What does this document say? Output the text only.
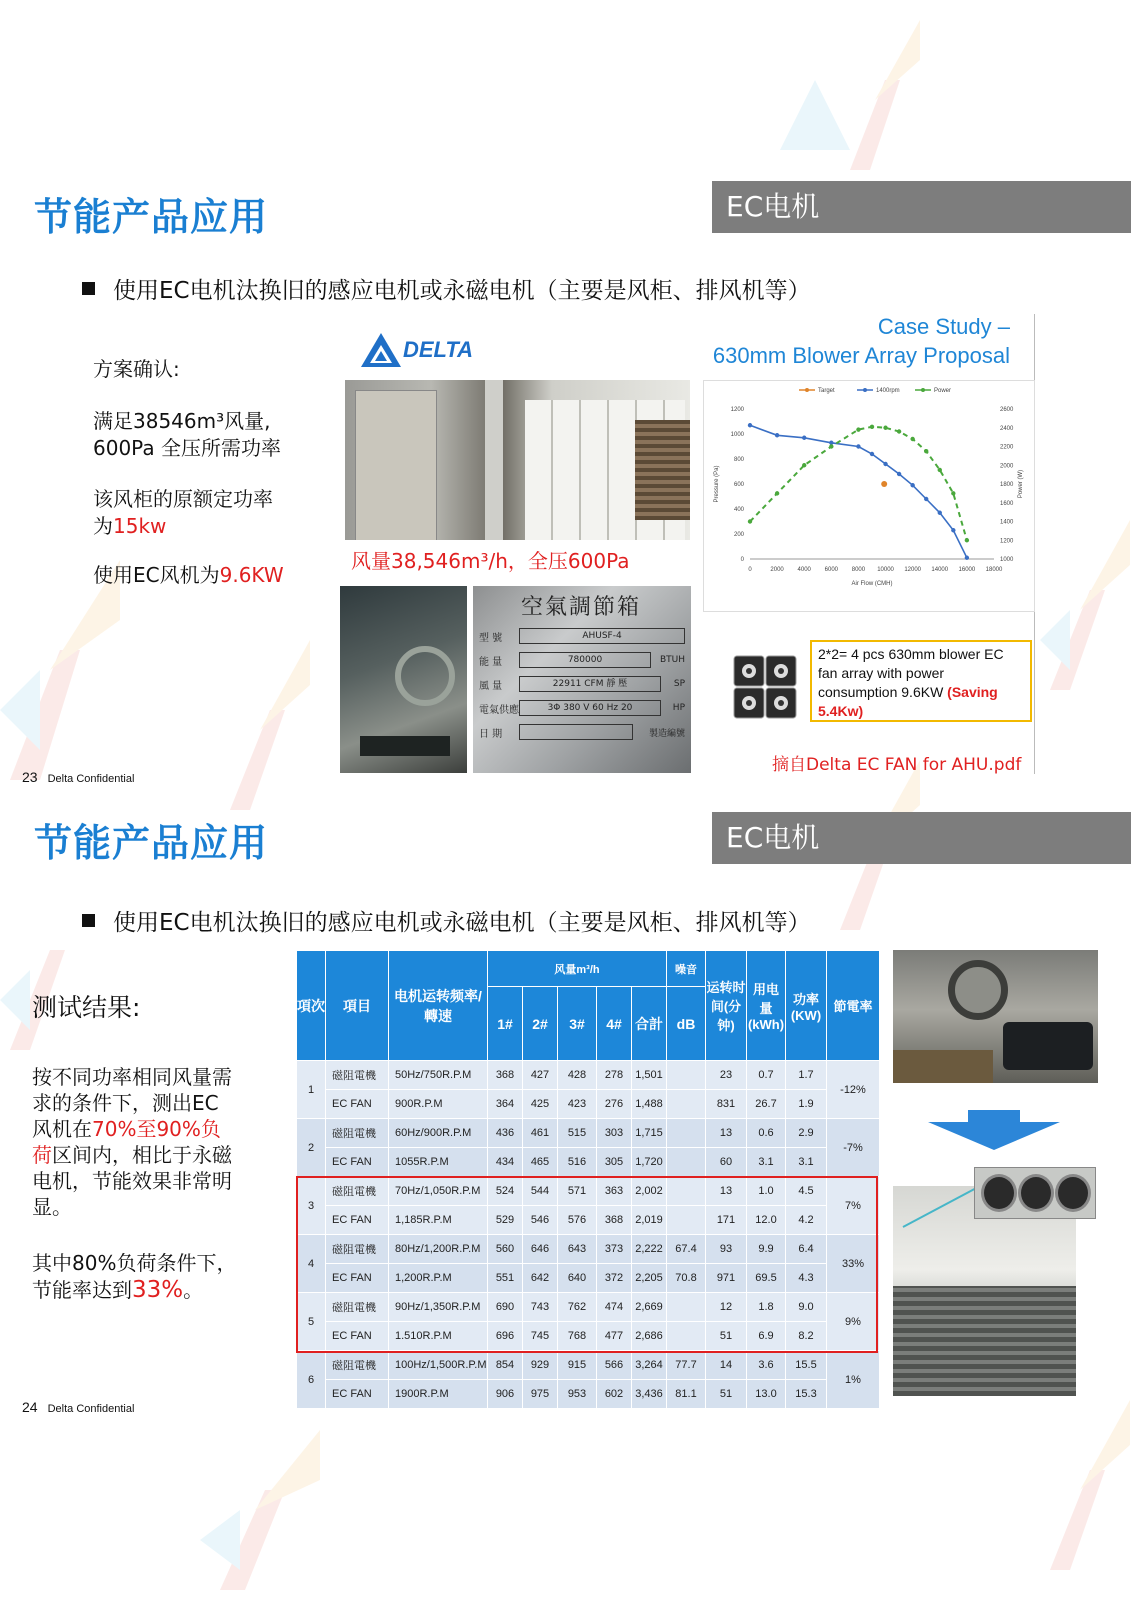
节能产品应用	EC电机
使用EC电机汰换旧的感应电机或永磁电机（主要是风柜、排风机等）
方案确认:
满足38546m³风量,
600Pa 全压所需功率
该风柜的原额定功率
为15kw
使用EC风机为9.6KW
DELTA
风量38,546m³/h，全压600Pa
空氣調節箱
型 號	AHUSF-4
能 量	780000	BTUH
風 量	22911 CFM 靜 壓	SP
電氣供應	3Φ 380 V 60 Hz 20	HP
日 期	製造編號
Case Study –
630mm Blower Array Proposal
0	2000 4000 6000 8000 10000 12000 14000 16000 18000
0
200
400
600
800
1000
1200
1000
1200
1400
1600
1800
2000
2200
2400
2600
Air Flow (CMH)
Pressure (Pa)	Power (W)
Target	1400rpm	Power
2*2= 4 pcs 630mm blower EC fan array with power consumption 9.6KW (Saving 5.4Kw)
摘自Delta EC FAN for AHU.pdf
23 Delta Confidential
节能产品应用	EC电机
使用EC电机汰换旧的感应电机或永磁电机（主要是风柜、排风机等）
测试结果:
按不同功率相同风量需求的条件下，测出EC风机在70%至90%负荷区间内，相比于永磁电机，节能效果非常明显。
其中80%负荷条件下，节能率达到33%。
項次	項目	电机运转频率/轉速	风量m³/h					噪音	运转时间(分钟)	用电量(kWh)	功率(KW)	節電率
			1#	2#	3#	4#	合計	dB				
1	磁阻電機	50Hz/750R.P.M	368	427	428	278	1,501		23	0.7	1.7	-12%
	EC FAN	900R.P.M	364	425	423	276	1,488		831	26.7	1.9	
2	磁阻電機	60Hz/900R.P.M	436	461	515	303	1,715		13	0.6	2.9	-7%
	EC FAN	1055R.P.M	434	465	516	305	1,720		60	3.1	3.1	
3	磁阻電機	70Hz/1,050R.P.M	524	544	571	363	2,002		13	1.0	4.5	7%
	EC FAN	1,185R.P.M	529	546	576	368	2,019		171	12.0	4.2	
4	磁阻電機	80Hz/1,200R.P.M	560	646	643	373	2,222	67.4	93	9.9	6.4	33%
	EC FAN	1,200R.P.M	551	642	640	372	2,205	70.8	971	69.5	4.3	
5	磁阻電機	90Hz/1,350R.P.M	690	743	762	474	2,669		12	1.8	9.0	9%
	EC FAN	1.510R.P.M	696	745	768	477	2,686		51	6.9	8.2	
6	磁阻電機	100Hz/1,500R.P.M	854	929	915	566	3,264	77.7	14	3.6	15.5	1%
	EC FAN	1900R.P.M	906	975	953	602	3,436	81.1	51	13.0	15.3	
24 Delta Confidential
